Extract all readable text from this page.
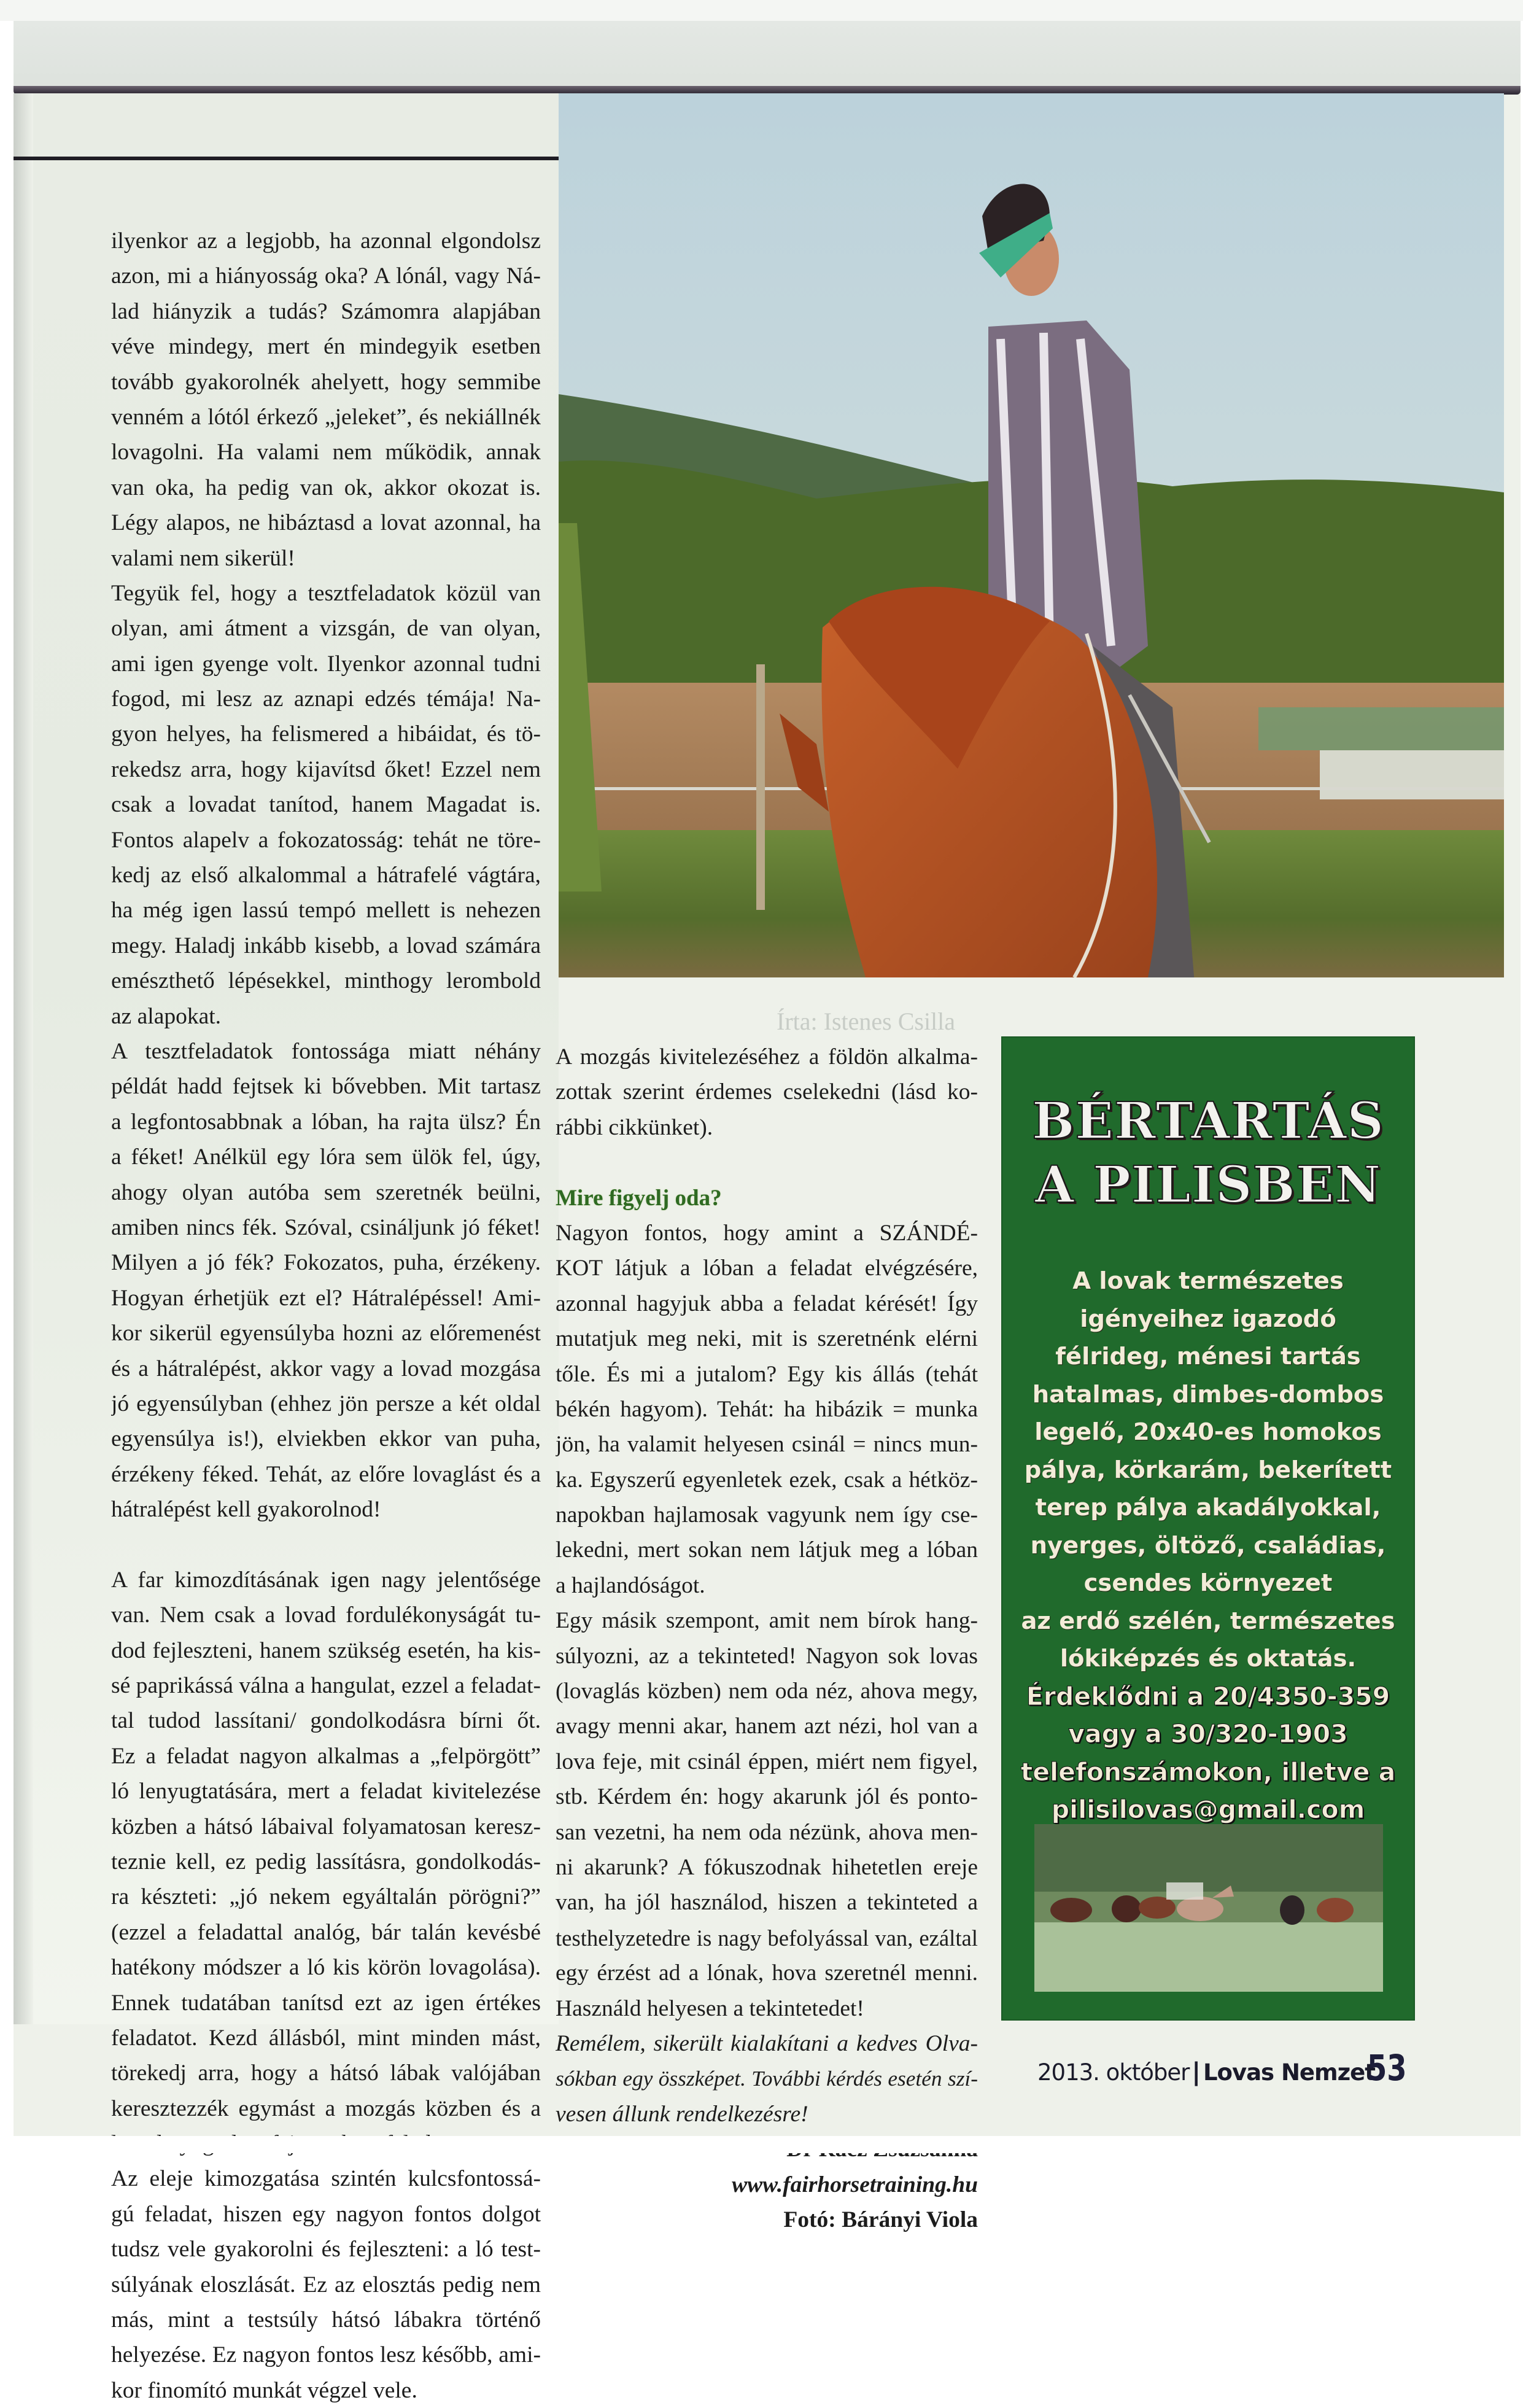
ilyenkor az a legjobb, ha azonnal elgondolsz
azon, mi a hiányosság oka? A lónál, vagy Ná-
lad hiányzik a tudás? Számomra alapjában
véve mindegy, mert én mindegyik esetben
tovább gyakorolnék ahelyett, hogy semmibe
venném a lótól érkező „jeleket”, és nekiállnék
lovagolni. Ha valami nem működik, annak
van oka, ha pedig van ok, akkor okozat is.
Légy alapos, ne hibáztasd a lovat azonnal, ha
valami nem sikerül!
Tegyük fel, hogy a tesztfeladatok közül van
olyan, ami átment a vizsgán, de van olyan,
ami igen gyenge volt. Ilyenkor azonnal tudni
fogod, mi lesz az aznapi edzés témája! Na-
gyon helyes, ha felismered a hibáidat, és tö-
rekedsz arra, hogy kijavítsd őket! Ezzel nem
csak a lovadat tanítod, hanem Magadat is.
Fontos alapelv a fokozatosság: tehát ne töre-
kedj az első alkalommal a hátrafelé vágtára,
ha még igen lassú tempó mellett is nehezen
megy. Haladj inkább kisebb, a lovad számára
emészthető lépésekkel, minthogy lerombold
az alapokat.
A tesztfeladatok fontossága miatt néhány
példát hadd fejtsek ki bővebben. Mit tartasz
a legfontosabbnak a lóban, ha rajta ülsz? Én
a féket! Anélkül egy lóra sem ülök fel, úgy,
ahogy olyan autóba sem szeretnék beülni,
amiben nincs fék. Szóval, csináljunk jó féket!
Milyen a jó fék? Fokozatos, puha, érzékeny.
Hogyan érhetjük ezt el? Hátralépéssel! Ami-
kor sikerül egyensúlyba hozni az előremenést
és a hátralépést, akkor vagy a lovad mozgása
jó egyensúlyban (ehhez jön persze a két oldal
egyensúlya is!), elviekben ekkor van puha,
érzékeny féked. Tehát, az előre lovaglást és a
hátralépést kell gyakorolnod!
A far kimozdításának igen nagy jelentősége
van. Nem csak a lovad fordulékonyságát tu-
dod fejleszteni, hanem szükség esetén, ha kis-
sé paprikássá válna a hangulat, ezzel a feladat-
tal tudod lassítani/ gondolkodásra bírni őt.
Ez a feladat nagyon alkalmas a „felpörgött”
ló lenyugtatására, mert a feladat kivitelezése
közben a hátsó lábaival folyamatosan keresz-
teznie kell, ez pedig lassításra, gondolkodás-
ra készteti: „jó nekem egyáltalán pörögni?”
(ezzel a feladattal analóg, bár talán kevésbé
hatékony módszer a ló kis körön lovagolása).
Ennek tudatában tanítsd ezt az igen értékes
feladatot. Kezd állásból, mint minden mást,
törekedj arra, hogy a hátsó lábak valójában
keresztezzék egymást a mozgás közben és a
Az eleje kimozgatása szintén kulcsfontossá-
gú feladat, hiszen egy nagyon fontos dolgot
tudsz vele gyakorolni és fejleszteni: a ló test-
súlyának eloszlását. Ez az elosztás pedig nem
más, mint a testsúly hátsó lábakra történő
helyezése. Ez nagyon fontos lesz később, ami-
kor finomító munkát végzel vele.
Írta: Istenes Csilla
A mozgás kivitelezéséhez a földön alkalma-
zottak szerint érdemes cselekedni (lásd ko-
rábbi cikkünket).
Mire figyelj oda?
Nagyon fontos, hogy amint a SZÁNDÉ-
KOT látjuk a lóban a feladat elvégzésére,
azonnal hagyjuk abba a feladat kérését! Így
mutatjuk meg neki, mit is szeretnénk elérni
tőle. És mi a jutalom? Egy kis állás (tehát
békén hagyom). Tehát: ha hibázik = munka
jön, ha valamit helyesen csinál = nincs mun-
ka. Egyszerű egyenletek ezek, csak a hétköz-
napokban hajlamosak vagyunk nem így cse-
lekedni, mert sokan nem látjuk meg a lóban
a hajlandóságot.
Egy másik szempont, amit nem bírok hang-
súlyozni, az a tekinteted! Nagyon sok lovas
(lovaglás közben) nem oda néz, ahova megy,
avagy menni akar, hanem azt nézi, hol van a
lova feje, mit csinál éppen, miért nem figyel,
stb. Kérdem én: hogy akarunk jól és ponto-
san vezetni, ha nem oda nézünk, ahova men-
ni akarunk? A fókuszodnak hihetetlen ereje
van, ha jól használod, hiszen a tekinteted a
testhelyzetedre is nagy befolyással van, ezáltal
egy érzést ad a lónak, hova szeretnél menni.
Használd helyesen a tekintetedet!
Remélem, sikerült kialakítani a kedves Olva-
sókban egy összképet. További kérdés esetén szí-
vesen állunk rendelkezésre!
www.fairhorsetraining.hu
Fotó: Bárányi Viola
BÉRTARTÁS
A PILISBEN
A lovak természetes
igényeihez igazodó
félrideg, ménesi tartás
hatalmas, dimbes-dombos
legelő, 20x40-es homokos
pálya, körkarám, bekerített
terep pálya akadályokkal,
nyerges, öltöző, családias,
csendes környezet
az erdő szélén, természetes
lókiképzés és oktatás.
Érdeklődni a 20/4350-359
vagy a 30/320-1903
telefonszámokon, illetve a
pilisilovas@gmail.com
2013. október | Lovas Nemzet
53
